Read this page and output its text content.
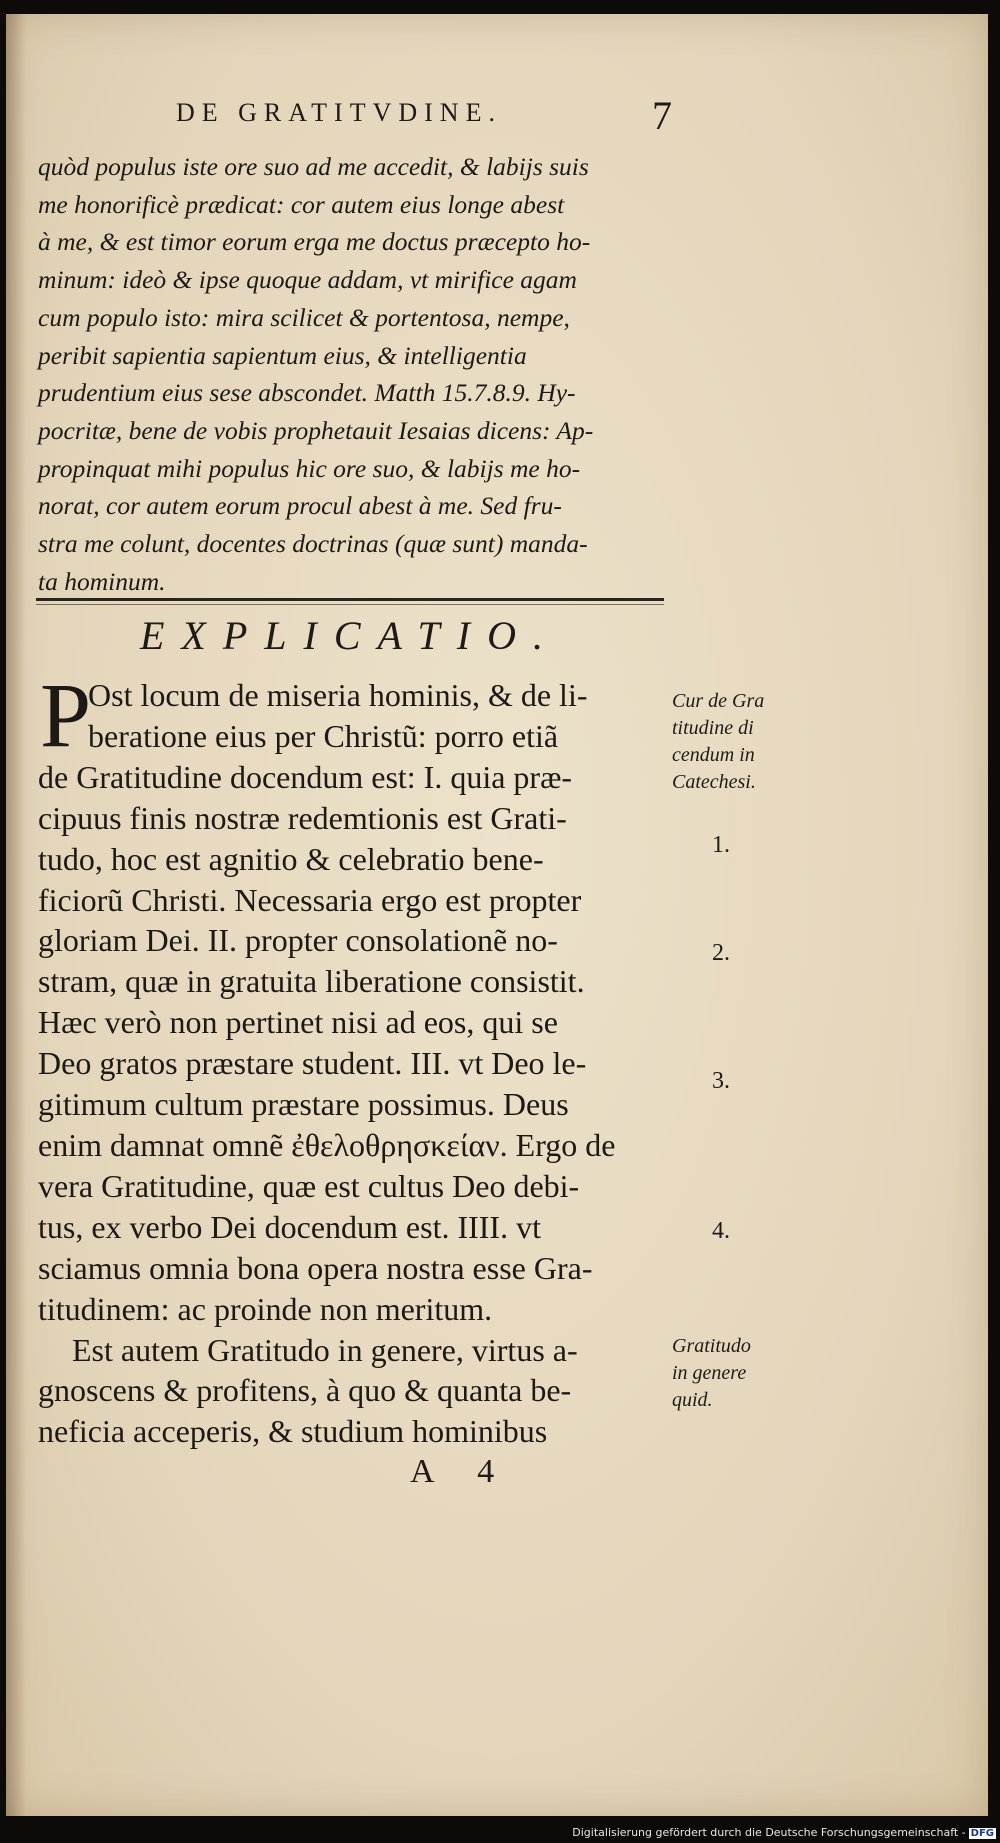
DE GRATITVDINE.	7
quòd populus iste ore suo ad me accedit, & labijs suis
me honorificè prædicat: cor autem eius longe abest
à me, & est timor eorum erga me doctus præcepto ho-
minum: ideò & ipse quoque addam, vt mirifice agam
cum populo isto: mira scilicet & portentosa, nempe,
peribit sapientia sapientum eius, & intelligentia
prudentium eius sese abscondet. Matth 15.7.8.9. Hy-
pocritæ, bene de vobis prophetauit Iesaias dicens: Ap-
propinquat mihi populus hic ore suo, & labijs me ho-
norat, cor autem eorum procul abest à me. Sed fru-
stra me colunt, docentes doctrinas (quæ sunt) manda-
ta hominum.
EXPLICATIO.
P
Ost locum de miseria hominis, & de li-
beratione eius per Christũ: porro etiã
de Gratitudine docendum est: I. quia præ-
cipuus finis nostræ redemtionis est Grati-
tudo, hoc est agnitio & celebratio bene-
ficiorũ Christi. Necessaria ergo est propter
gloriam Dei. II. propter consolationẽ no-
stram, quæ in gratuita liberatione consistit.
Hæc verò non pertinet nisi ad eos, qui se
Deo gratos præstare student. III. vt Deo le-
gitimum cultum præstare possimus. Deus
enim damnat omnẽ ἐθελοθρησκείαν. Ergo de
vera Gratitudine, quæ est cultus Deo debi-
tus, ex verbo Dei docendum est. IIII. vt
sciamus omnia bona opera nostra esse Gra-
titudinem: ac proinde non meritum.
Est autem Gratitudo in genere, virtus a-
gnoscens & profitens, à quo & quanta be-
neficia acceperis, & studium hominibus
Cur de Gra
titudine di
cendum in
Catechesi.
1.
2.
3.
4.
Gratitudo
in genere
quid.
A 4
Digitalisierung gefördert durch die Deutsche Forschungsgemeinschaft - DFG
